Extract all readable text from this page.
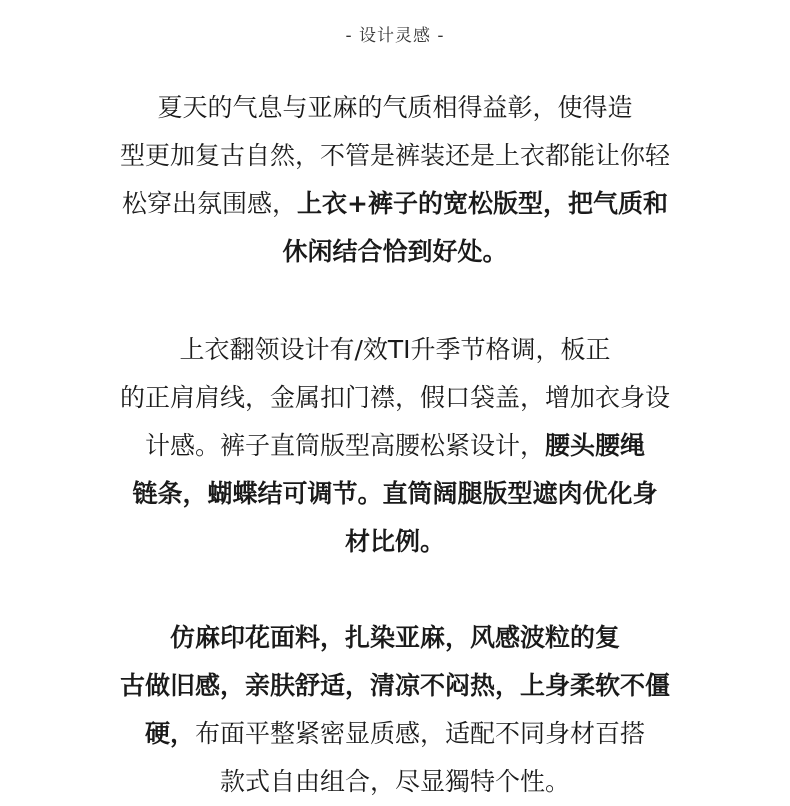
- 设计灵感 -
夏天的气息与亚麻的气质相得益彰，使得造
型更加复古自然，不管是裤装还是上衣都能让你轻
松穿出氛围感，上衣+裤子的宽松版型，把气质和
休闲结合恰到好处。
上衣翻领设计有/效TI升季节格调，板正
的正肩肩线，金属扣门襟，假口袋盖，增加衣身设
计感。裤子直筒版型高腰松紧设计，腰头腰绳
链条，蝴蝶结可调节。直筒阔腿版型遮肉优化身
材比例。
仿麻印花面料，扎染亚麻，风感波粒的复
古做旧感，亲肤舒适，清凉不闷热，上身柔软不僵
硬，布面平整紧密显质感，适配不同身材百搭
款式自由组合，尽显獨特个性。
